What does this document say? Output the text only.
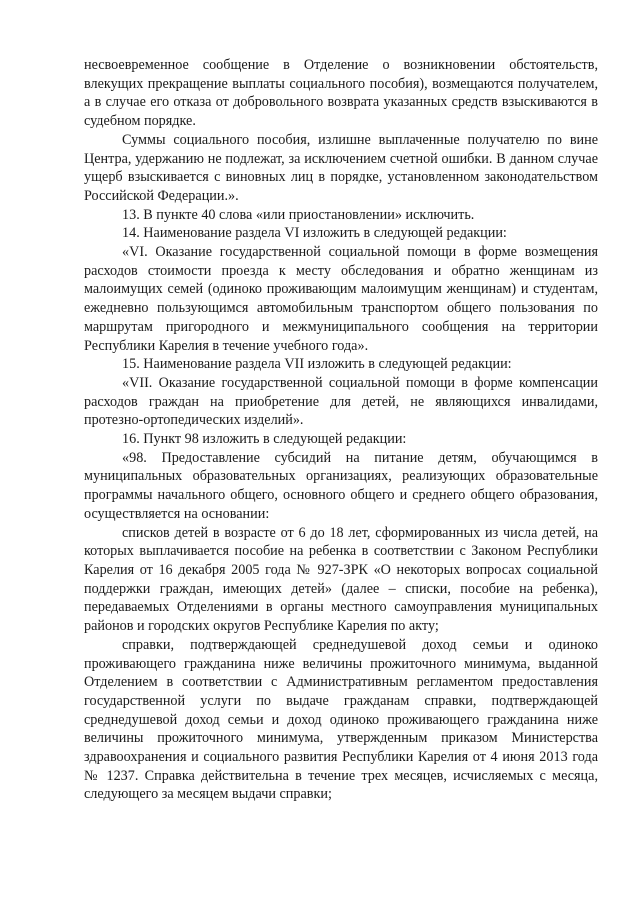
несвоевременное сообщение в Отделение о возникновении обстоятельств, влекущих прекращение выплаты социального пособия), возмещаются получателем, а в случае его отказа от добровольного возврата указанных средств взыскиваются в судебном порядке.

Суммы социального пособия, излишне выплаченные получателю по вине Центра, удержанию не подлежат, за исключением счетной ошибки. В данном случае ущерб взыскивается с виновных лиц в порядке, установленном законодательством Российской Федерации.».

13. В пункте 40 слова «или приостановлении» исключить.

14. Наименование раздела VI изложить в следующей редакции:

«VI. Оказание государственной социальной помощи в форме возмещения расходов стоимости проезда к месту обследования и обратно женщинам из малоимущих семей (одиноко проживающим малоимущим женщинам) и студентам, ежедневно пользующимся автомобильным транспортом общего пользования по маршрутам пригородного и межмуниципального сообщения на территории Республики Карелия в течение учебного года».

15. Наименование раздела VII изложить в следующей редакции:

«VII. Оказание государственной социальной помощи в форме компенсации расходов граждан на приобретение для детей, не являющихся инвалидами, протезно-ортопедических изделий».

16. Пункт 98 изложить в следующей редакции:

«98. Предоставление субсидий на питание детям, обучающимся в муниципальных образовательных организациях, реализующих образовательные программы начального общего, основного общего и среднего общего образования, осуществляется на основании:

списков детей в возрасте от 6 до 18 лет, сформированных из числа детей, на которых выплачивается пособие на ребенка в соответствии с Законом Республики Карелия от 16 декабря 2005 года № 927-ЗРК «О некоторых вопросах социальной поддержки граждан, имеющих детей» (далее – списки, пособие на ребенка), передаваемых Отделениями в органы местного самоуправления муниципальных районов и городских округов Республике Карелия по акту;

справки, подтверждающей среднедушевой доход семьи и одиноко проживающего гражданина ниже величины прожиточного минимума, выданной Отделением в соответствии с Административным регламентом предоставления государственной услуги по выдаче гражданам справки, подтверждающей среднедушевой доход семьи и доход одиноко проживающего гражданина ниже величины прожиточного минимума, утвержденным приказом Министерства здравоохранения и социального развития Республики Карелия от 4 июня 2013 года № 1237. Справка действительна в течение трех месяцев, исчисляемых с месяца, следующего за месяцем выдачи справки;
